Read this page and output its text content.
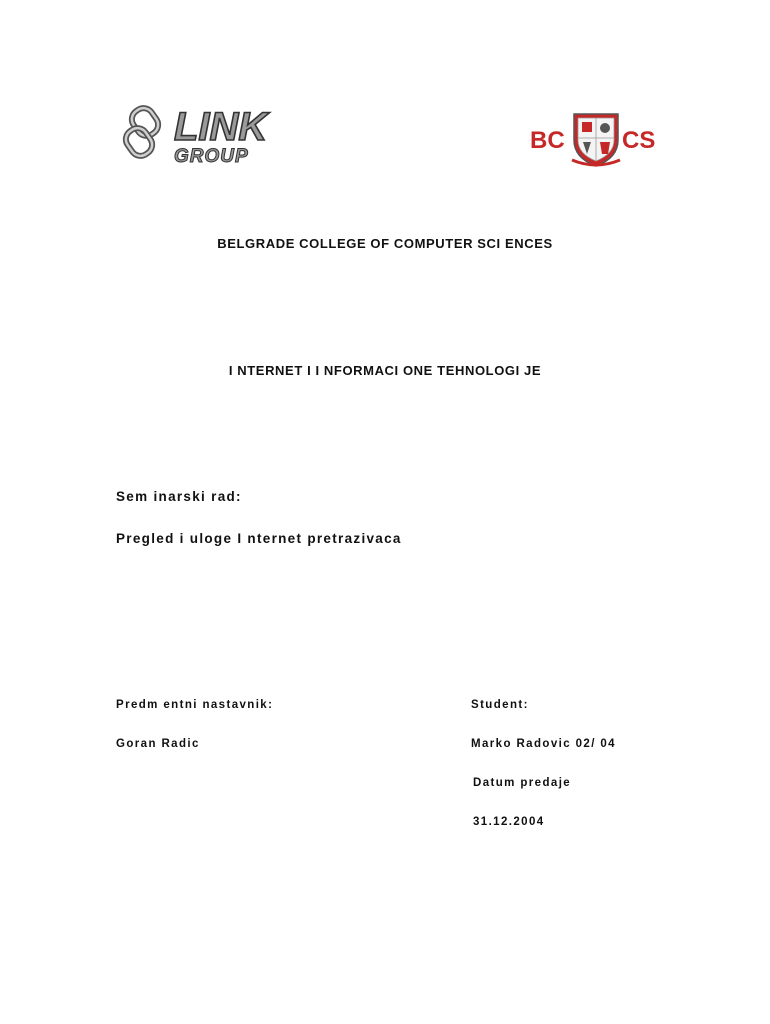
LINK
GROUP
BC CS
BELGRADE COLLEGE OF COMPUTER SCI ENCES
I NTERNET I I NFORMACI ONE TEHNOLOGI JE
Sem inarski rad:
Pregled i uloge I nternet pretrazivaca
Predm entni nastavnik:
Goran Radic
Student:
Marko Radovic 02/ 04
Datum predaje
31.12.2004
